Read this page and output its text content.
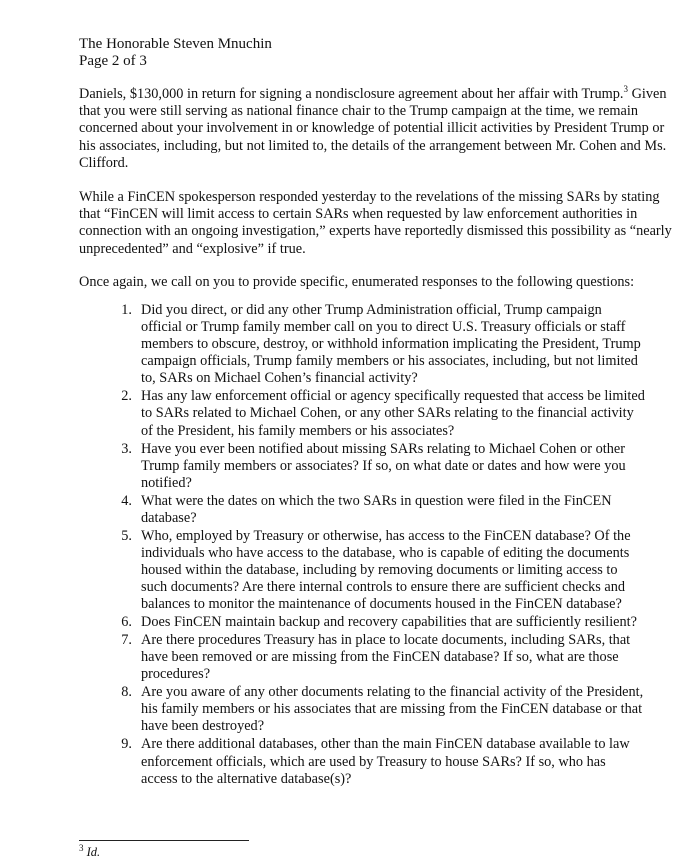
The Honorable Steven Mnuchin
Page 2 of 3
Daniels, $130,000 in return for signing a nondisclosure agreement about her affair with Trump.$^3$ Given that you were still serving as national finance chair to the Trump campaign at the time, we remain concerned about your involvement in or knowledge of potential illicit activities by President Trump or his associates, including, but not limited to, the details of the arrangement between Mr. Cohen and Ms. Clifford.
While a FinCEN spokesperson responded yesterday to the revelations of the missing SARs by stating that “FinCEN will limit access to certain SARs when requested by law enforcement authorities in connection with an ongoing investigation,” experts have reportedly dismissed this possibility as “nearly unprecedented” and “explosive” if true.
Once again, we call on you to provide specific, enumerated responses to the following questions:
1. Did you direct, or did any other Trump Administration official, Trump campaign official or Trump family member call on you to direct U.S. Treasury officials or staff members to obscure, destroy, or withhold information implicating the President, Trump campaign officials, Trump family members or his associates, including, but not limited to, SARs on Michael Cohen’s financial activity?
2. Has any law enforcement official or agency specifically requested that access be limited to SARs related to Michael Cohen, or any other SARs relating to the financial activity of the President, his family members or his associates?
3. Have you ever been notified about missing SARs relating to Michael Cohen or other Trump family members or associates? If so, on what date or dates and how were you notified?
4. What were the dates on which the two SARs in question were filed in the FinCEN database?
5. Who, employed by Treasury or otherwise, has access to the FinCEN database? Of the individuals who have access to the database, who is capable of editing the documents housed within the database, including by removing documents or limiting access to such documents? Are there internal controls to ensure there are sufficient checks and balances to monitor the maintenance of documents housed in the FinCEN database?
6. Does FinCEN maintain backup and recovery capabilities that are sufficiently resilient?
7. Are there procedures Treasury has in place to locate documents, including SARs, that have been removed or are missing from the FinCEN database? If so, what are those procedures?
8. Are you aware of any other documents relating to the financial activity of the President, his family members or his associates that are missing from the FinCEN database or that have been destroyed?
9. Are there additional databases, other than the main FinCEN database available to law enforcement officials, which are used by Treasury to house SARs? If so, who has access to the alternative database(s)?
$^3$ Id.
